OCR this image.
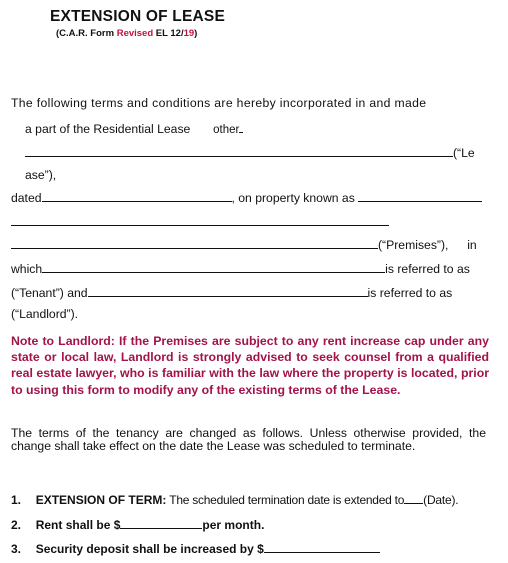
EXTENSION OF LEASE
(C.A.R. Form Revised EL 12/19)
The following terms and conditions are hereby incorporated in and made
a part of the Residential Lease other
(“Le
ase”),
dated	, on property known as
(“Premises”), in
which	is referred to as
(“Tenant”) and	is referred to as
(“Landlord”).
Note to Landlord: If the Premises are subject to any rent increase cap under any state or local law, Landlord is strongly advised to seek counsel from a qualified real estate lawyer, who is familiar with the law where the property is located, prior to using this form to modify any of the existing terms of the Lease.
The terms of the tenancy are changed as follows. Unless otherwise provided, the change shall take effect on the date the Lease was scheduled to terminate.
1. EXTENSION OF TERM: The scheduled termination date is extended to (Date).
2. Rent shall be $	per month.
3. Security deposit shall be increased by $
